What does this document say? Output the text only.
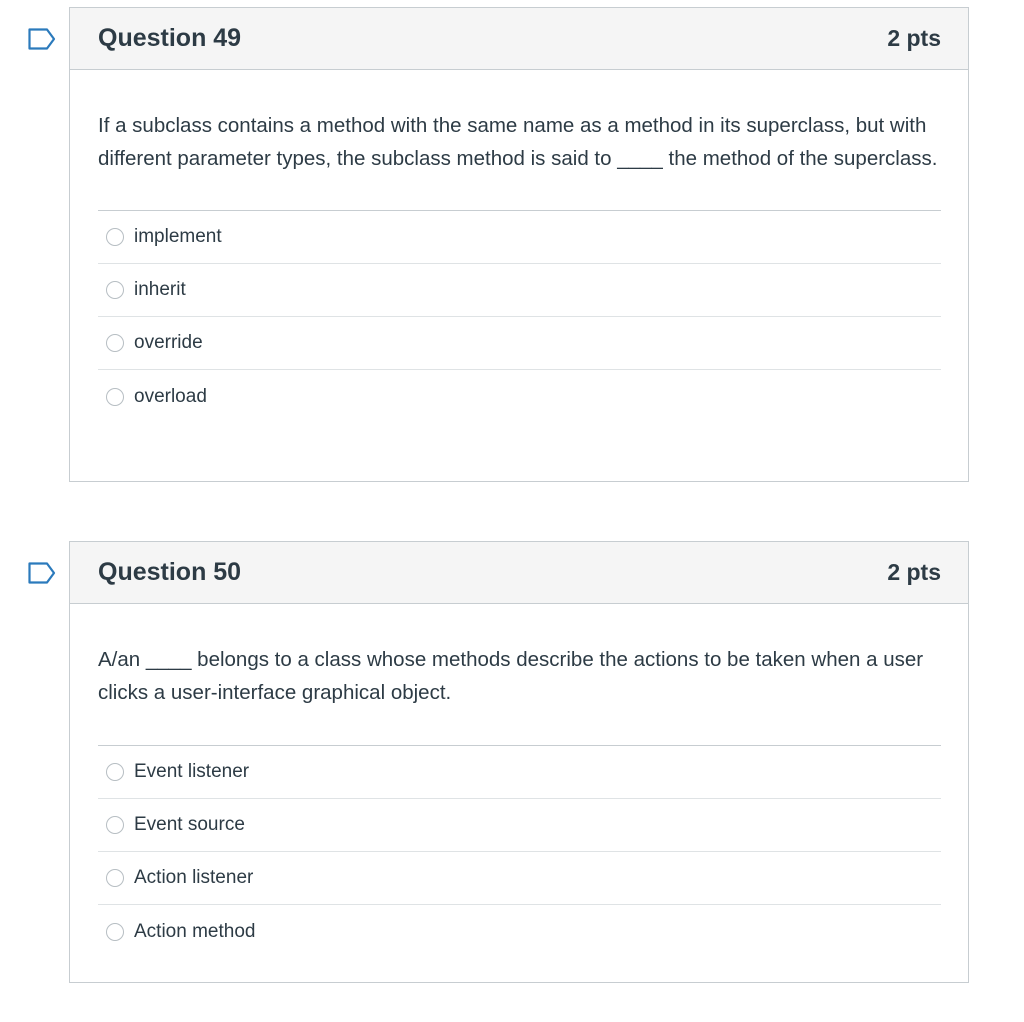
Question 49	2 pts
If a subclass contains a method with the same name as a method in its superclass, but with different parameter types, the subclass method is said to ____ the method of the superclass.
implement
inherit
override
overload
Question 50	2 pts
A/an ____ belongs to a class whose methods describe the actions to be taken when a user clicks a user-interface graphical object.
Event listener
Event source
Action listener
Action method
